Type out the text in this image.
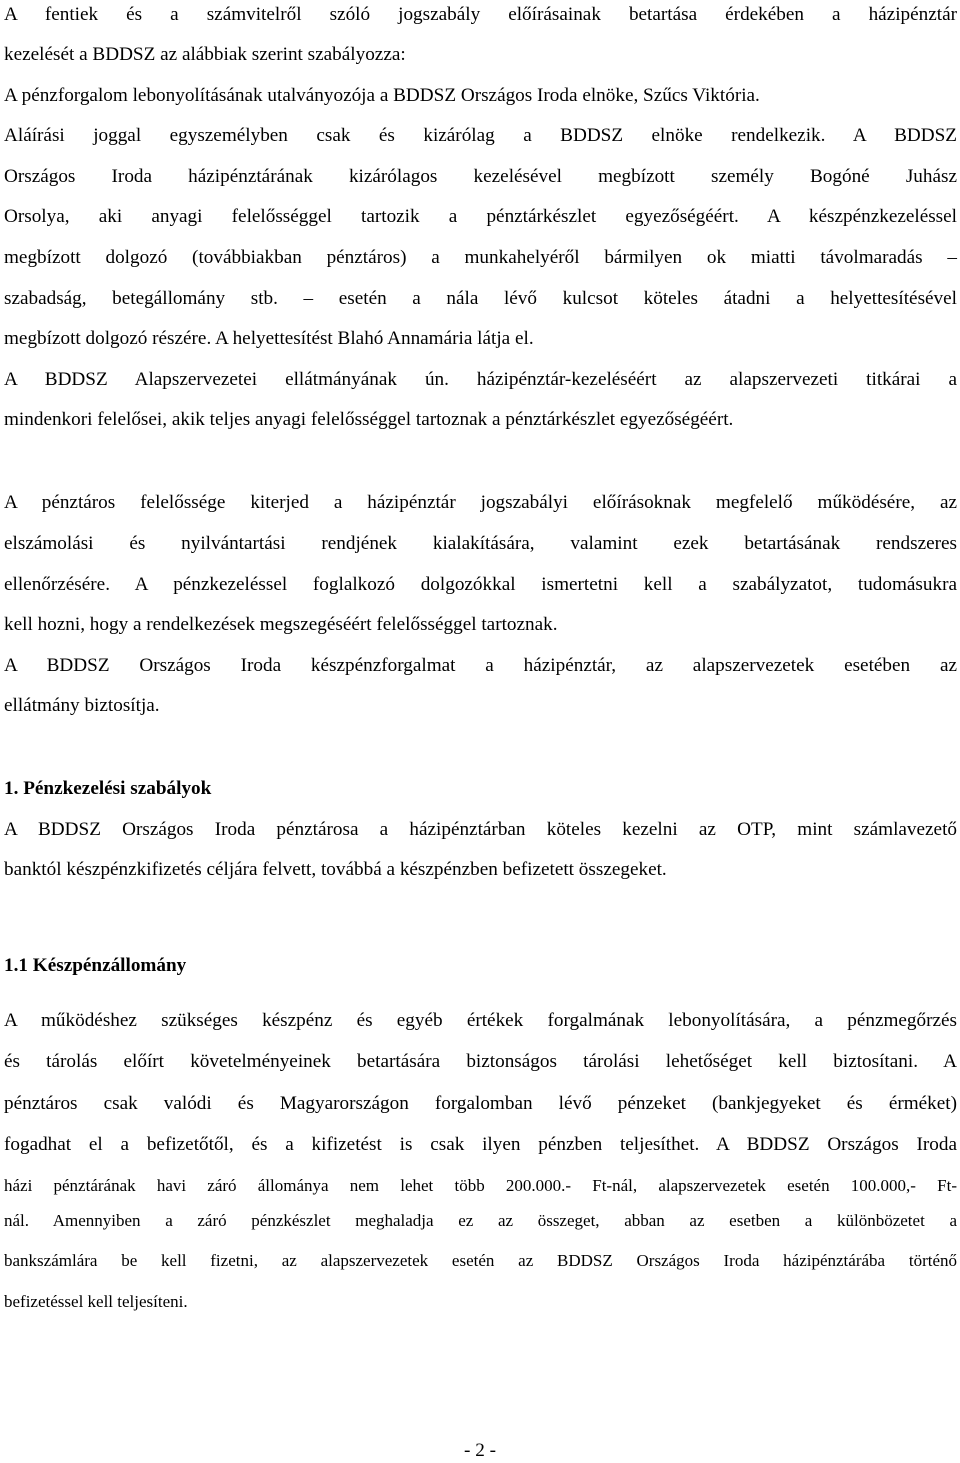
A fentiek és a számvitelről szóló jogszabály előírásainak betartása érdekében a házipénztár
kezelését a BDDSZ az alábbiak szerint szabályozza:
A pénzforgalom lebonyolításának utalványozója a BDDSZ Országos Iroda elnöke, Szűcs Viktória.
Aláírási joggal egyszemélyben csak és kizárólag a BDDSZ elnöke rendelkezik. A BDDSZ
Országos Iroda házipénztárának kizárólagos kezelésével megbízott személy Bogóné Juhász
Orsolya, aki anyagi felelősséggel tartozik a pénztárkészlet egyezőségéért. A készpénzkezeléssel
megbízott dolgozó (továbbiakban pénztáros) a munkahelyéről bármilyen ok miatti távolmaradás –
szabadság, betegállomány stb. – esetén a nála lévő kulcsot köteles átadni a helyettesítésével
megbízott dolgozó részére. A helyettesítést Blahó Annamária látja el.
A BDDSZ Alapszervezetei ellátmányának ún. házipénztár-kezeléséért az alapszervezeti titkárai a
mindenkori felelősei, akik teljes anyagi felelősséggel tartoznak a pénztárkészlet egyezőségéért.
A pénztáros felelőssége kiterjed a házipénztár jogszabályi előírásoknak megfelelő működésére, az
elszámolási és nyilvántartási rendjének kialakítására, valamint ezek betartásának rendszeres
ellenőrzésére. A pénzkezeléssel foglalkozó dolgozókkal ismertetni kell a szabályzatot, tudomásukra
kell hozni, hogy a rendelkezések megszegéséért felelősséggel tartoznak.
A BDDSZ Országos Iroda készpénzforgalmat a házipénztár, az alapszervezetek esetében az
ellátmány biztosítja.
1. Pénzkezelési szabályok
A BDDSZ Országos Iroda pénztárosa a házipénztárban köteles kezelni az OTP, mint számlavezető
banktól készpénzkifizetés céljára felvett, továbbá a készpénzben befizetett összegeket.
1.1 Készpénzállomány
A működéshez szükséges készpénz és egyéb értékek forgalmának lebonyolítására, a pénzmegőrzés
és tárolás előírt követelményeinek betartására biztonságos tárolási lehetőséget kell biztosítani. A
pénztáros csak valódi és Magyarországon forgalomban lévő pénzeket (bankjegyeket és érméket)
fogadhat el a befizetőtől, és a kifizetést is csak ilyen pénzben teljesíthet. A BDDSZ Országos Iroda
házi pénztárának havi záró állománya nem lehet több 200.000.- Ft-nál, alapszervezetek esetén 100.000,- Ft-
nál. Amennyiben a záró pénzkészlet meghaladja ez az összeget, abban az esetben a különbözetet a
bankszámlára be kell fizetni, az alapszervezetek esetén az BDDSZ Országos Iroda házipénztárába történő
befizetéssel kell teljesíteni.
- 2 -
